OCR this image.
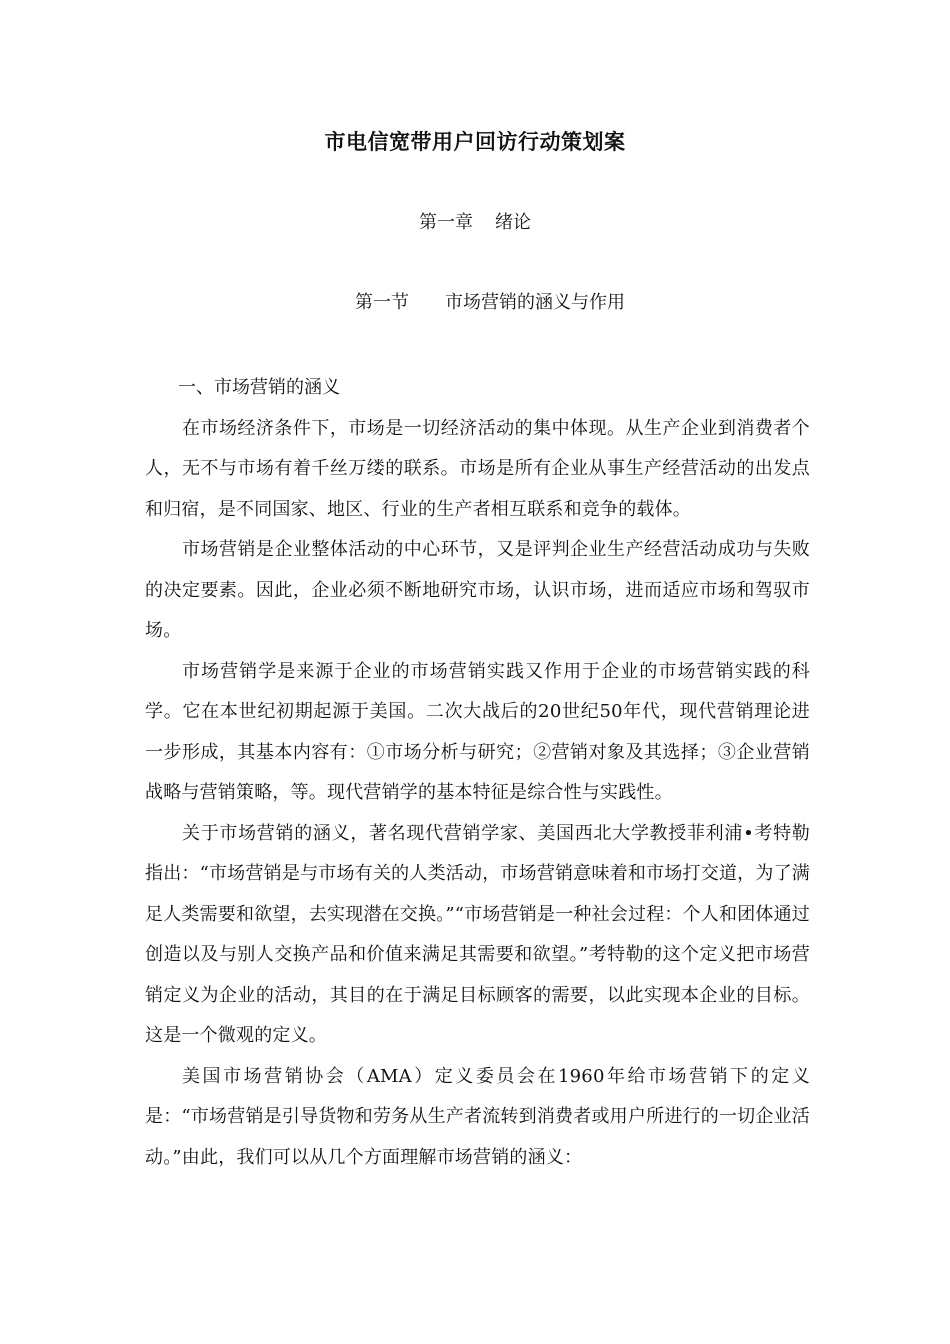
市电信宽带用户回访行动策划案
第一章 绪论
第一节 市场营销的涵义与作用

一、市场营销的涵义

在市场经济条件下，市场是一切经济活动的集中体现。从生产企业到消费者个人，无不与市场有着千丝万缕的联系。市场是所有企业从事生产经营活动的出发点和归宿，是不同国家、地区、行业的生产者相互联系和竞争的载体。

市场营销是企业整体活动的中心环节，又是评判企业生产经营活动成功与失败的决定要素。因此，企业必须不断地研究市场，认识市场，进而适应市场和驾驭市场。

市场营销学是来源于企业的市场营销实践又作用于企业的市场营销实践的科学。它在本世纪初期起源于美国。二次大战后的20世纪50年代，现代营销理论进一步形成，其基本内容有：①市场分析与研究；②营销对象及其选择；③企业营销战略与营销策略，等。现代营销学的基本特征是综合性与实践性。

关于市场营销的涵义，著名现代营销学家、美国西北大学教授菲利浦•考特勒指出：“市场营销是与市场有关的人类活动，市场营销意味着和市场打交道，为了满足人类需要和欲望，去实现潜在交换。”“市场营销是一种社会过程：个人和团体通过创造以及与别人交换产品和价值来满足其需要和欲望。”考特勒的这个定义把市场营销定义为企业的活动，其目的在于满足目标顾客的需要，以此实现本企业的目标。这是一个微观的定义。

美国市场营销协会（AMA）定义委员会在1960年给市场营销下的定义是：“市场营销是引导货物和劳务从生产者流转到消费者或用户所进行的一切企业活动。”由此，我们可以从几个方面理解市场营销的涵义：
